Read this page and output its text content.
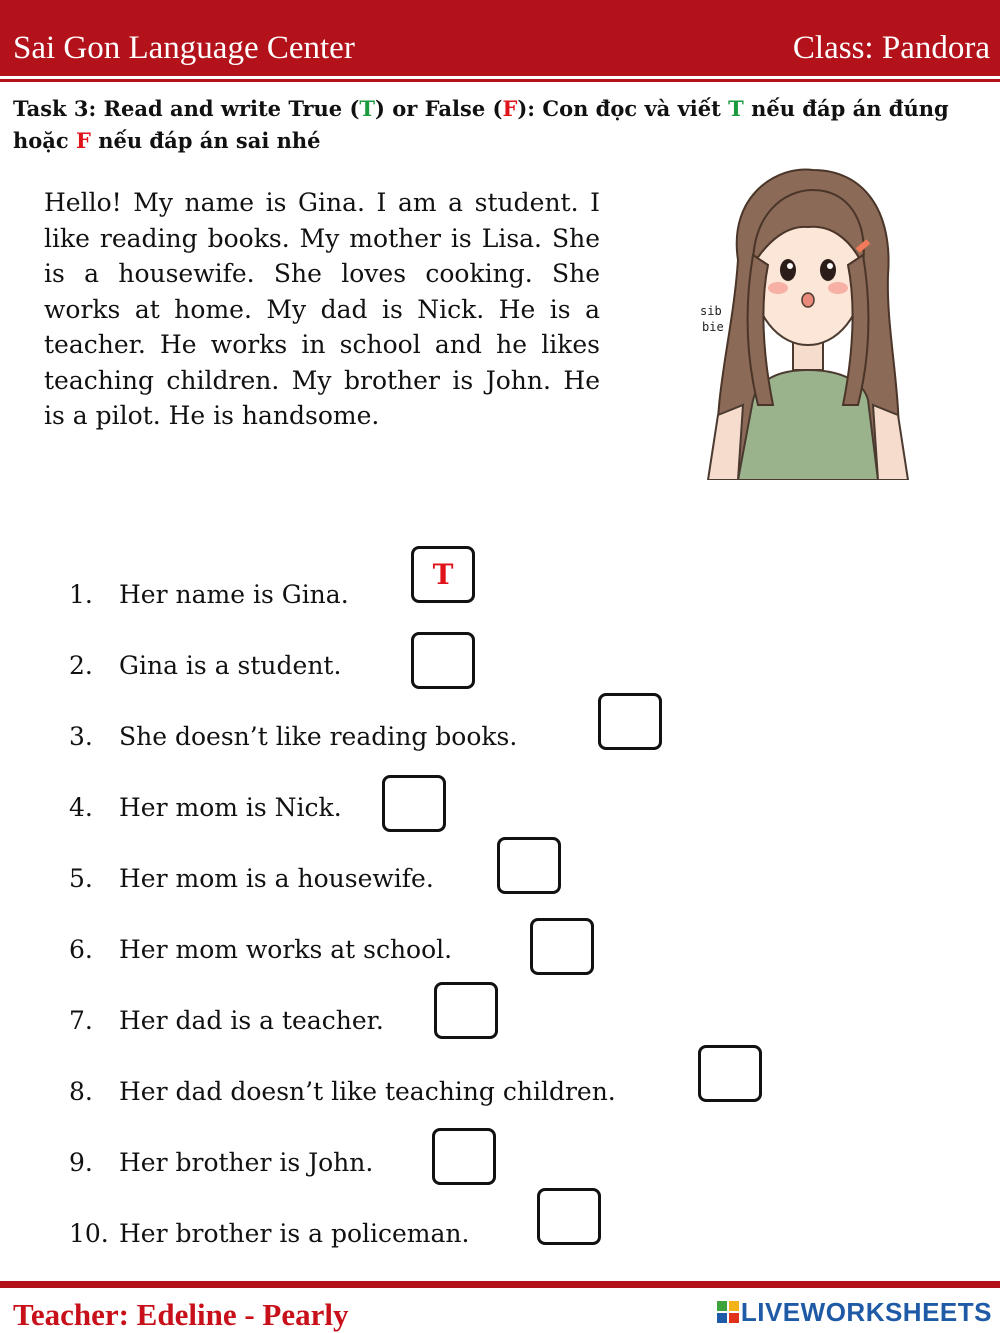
Sai Gon Language Center	Class: Pandora
Task 3: Read and write True (T) or False (F): Con đọc và viết T nếu đáp án đúng hoặc F nếu đáp án sai nhé
Hello! My name is Gina. I am a student. I like reading books. My mother is Lisa. She is a housewife. She loves cooking. She works at home. My dad is Nick. He is a teacher. He works in school and he likes teaching children. My brother is John. He is a pilot. He is handsome.
sib
bie
1. Her name is Gina.
T
2. Gina is a student.
3. She doesn’t like reading books.
4. Her mom is Nick.
5. Her mom is a housewife.
6. Her mom works at school.
7. Her dad is a teacher.
8. Her dad doesn’t like teaching children.
9. Her brother is John.
10. Her brother is a policeman.
Teacher: Edeline - Pearly	LIVEWORKSHEETS
